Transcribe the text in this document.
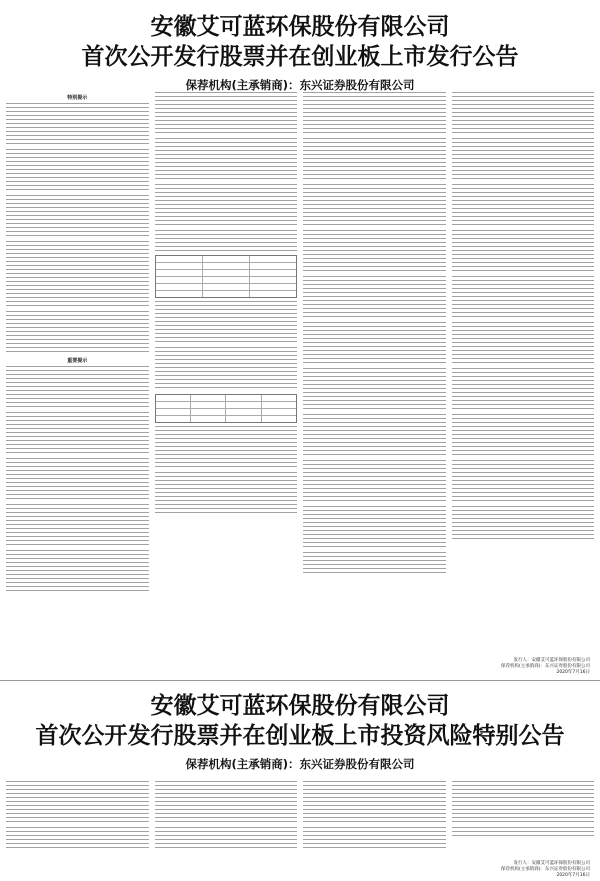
安徽艾可蓝环保股份有限公司
首次公开发行股票并在创业板上市发行公告
保荐机构(主承销商)：东兴证券股份有限公司
特别提示
重要提示
发行人：安徽艾可蓝环保股份有限公司
保荐机构(主承销商)：东兴证券股份有限公司
2020年7月16日
安徽艾可蓝环保股份有限公司
首次公开发行股票并在创业板上市投资风险特别公告
保荐机构(主承销商)：东兴证券股份有限公司
发行人：安徽艾可蓝环保股份有限公司
保荐机构(主承销商)：东兴证券股份有限公司
2020年7月16日
